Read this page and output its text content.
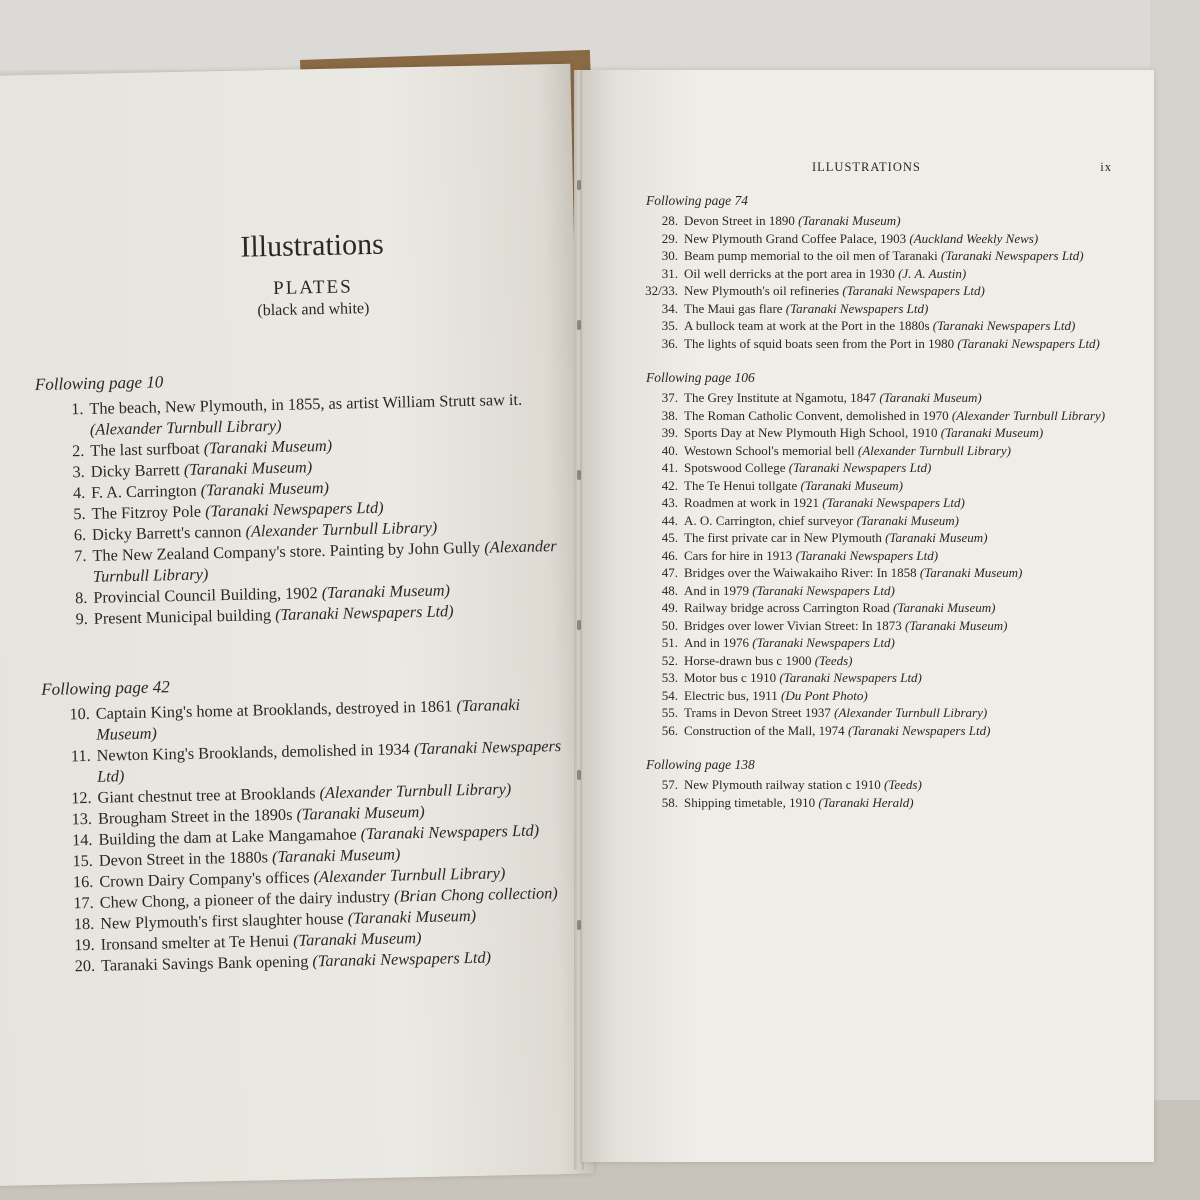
Illustrations
PLATES
(black and white)
Following page 10
1. The beach, New Plymouth, in 1855, as artist William Strutt saw it. (Alexander Turnbull Library)
2. The last surfboat (Taranaki Museum)
3. Dicky Barrett (Taranaki Museum)
4. F. A. Carrington (Taranaki Museum)
5. The Fitzroy Pole (Taranaki Newspapers Ltd)
6. Dicky Barrett's cannon (Alexander Turnbull Library)
7. The New Zealand Company's store. Painting by John Gully (Alexander Turnbull Library)
8. Provincial Council Building, 1902 (Taranaki Museum)
9. Present Municipal building (Taranaki Newspapers Ltd)
Following page 42
10. Captain King's home at Brooklands, destroyed in 1861 (Taranaki Museum)
11. Newton King's Brooklands, demolished in 1934 (Taranaki Newspapers Ltd)
12. Giant chestnut tree at Brooklands (Alexander Turnbull Library)
13. Brougham Street in the 1890s (Taranaki Museum)
14. Building the dam at Lake Mangamahoe (Taranaki Newspapers Ltd)
15. Devon Street in the 1880s (Taranaki Museum)
16. Crown Dairy Company's offices (Alexander Turnbull Library)
17. Chew Chong, a pioneer of the dairy industry (Brian Chong collection)
18. New Plymouth's first slaughter house (Taranaki Museum)
19. Ironsand smelter at Te Henui (Taranaki Museum)
20. Taranaki Savings Bank opening (Taranaki Newspapers Ltd)
ILLUSTRATIONS	ix
Following page 74
28. Devon Street in 1890 (Taranaki Museum)
29. New Plymouth Grand Coffee Palace, 1903 (Auckland Weekly News)
30. Beam pump memorial to the oil men of Taranaki (Taranaki Newspapers Ltd)
31. Oil well derricks at the port area in 1930 (J. A. Austin)
32/33. New Plymouth's oil refineries (Taranaki Newspapers Ltd)
34. The Maui gas flare (Taranaki Newspapers Ltd)
35. A bullock team at work at the Port in the 1880s (Taranaki Newspapers Ltd)
36. The lights of squid boats seen from the Port in 1980 (Taranaki Newspapers Ltd)
Following page 106
37. The Grey Institute at Ngamotu, 1847 (Taranaki Museum)
38. The Roman Catholic Convent, demolished in 1970 (Alexander Turnbull Library)
39. Sports Day at New Plymouth High School, 1910 (Taranaki Museum)
40. Westown School's memorial bell (Alexander Turnbull Library)
41. Spotswood College (Taranaki Newspapers Ltd)
42. The Te Henui tollgate (Taranaki Museum)
43. Roadmen at work in 1921 (Taranaki Newspapers Ltd)
44. A. O. Carrington, chief surveyor (Taranaki Museum)
45. The first private car in New Plymouth (Taranaki Museum)
46. Cars for hire in 1913 (Taranaki Newspapers Ltd)
47. Bridges over the Waiwakaiho River: In 1858 (Taranaki Museum)
48. And in 1979 (Taranaki Newspapers Ltd)
49. Railway bridge across Carrington Road (Taranaki Museum)
50. Bridges over lower Vivian Street: In 1873 (Taranaki Museum)
51. And in 1976 (Taranaki Newspapers Ltd)
52. Horse-drawn bus c 1900 (Teeds)
53. Motor bus c 1910 (Taranaki Newspapers Ltd)
54. Electric bus, 1911 (Du Pont Photo)
55. Trams in Devon Street 1937 (Alexander Turnbull Library)
56. Construction of the Mall, 1974 (Taranaki Newspapers Ltd)
Following page 138
57. New Plymouth railway station c 1910 (Teeds)
58. Shipping timetable, 1910 (Taranaki Herald)
